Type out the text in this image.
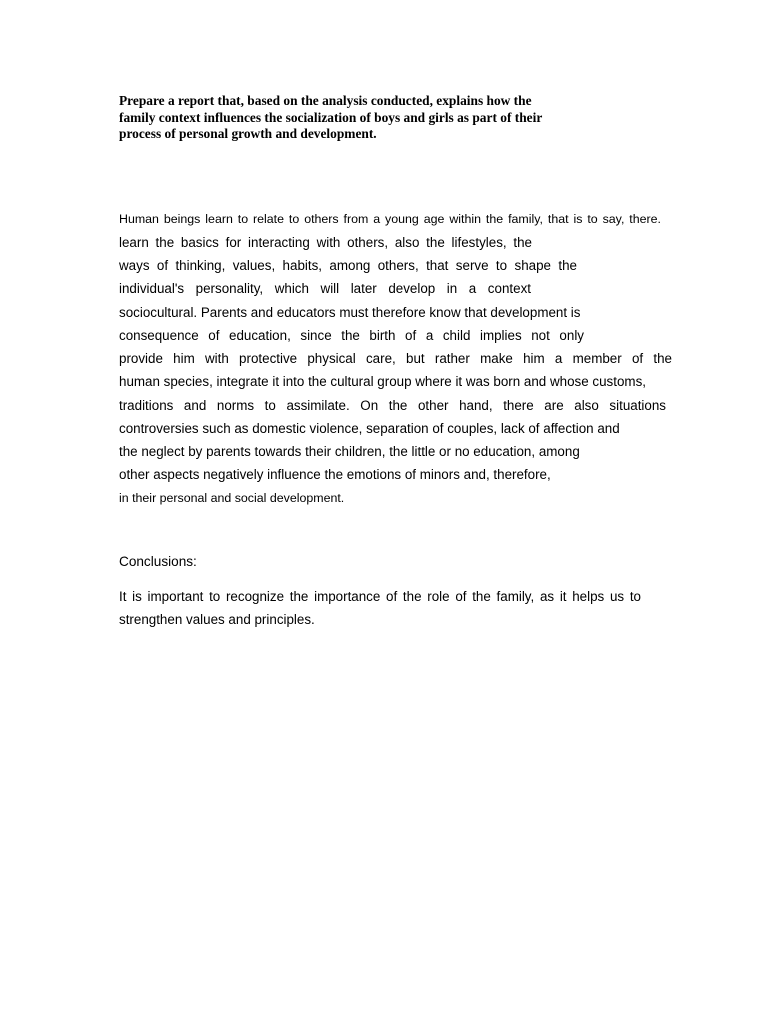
Prepare a report that, based on the analysis conducted, explains how the
family context influences the socialization of boys and girls as part of their
process of personal growth and development.
Human beings learn to relate to others from a young age within the family, that is to say, there.
learn the basics for interacting with others, also the lifestyles, the
ways of thinking, values, habits, among others, that serve to shape the
individual's personality, which will later develop in a context
sociocultural. Parents and educators must therefore know that development is
consequence of education, since the birth of a child implies not only
provide him with protective physical care, but rather make him a member of the
human species, integrate it into the cultural group where it was born and whose customs,
traditions and norms to assimilate. On the other hand, there are also situations
controversies such as domestic violence, separation of couples, lack of affection and
the neglect by parents towards their children, the little or no education, among
other aspects negatively influence the emotions of minors and, therefore,
in their personal and social development.
Conclusions:
It is important to recognize the importance of the role of the family, as it helps us to
strengthen values and principles.
